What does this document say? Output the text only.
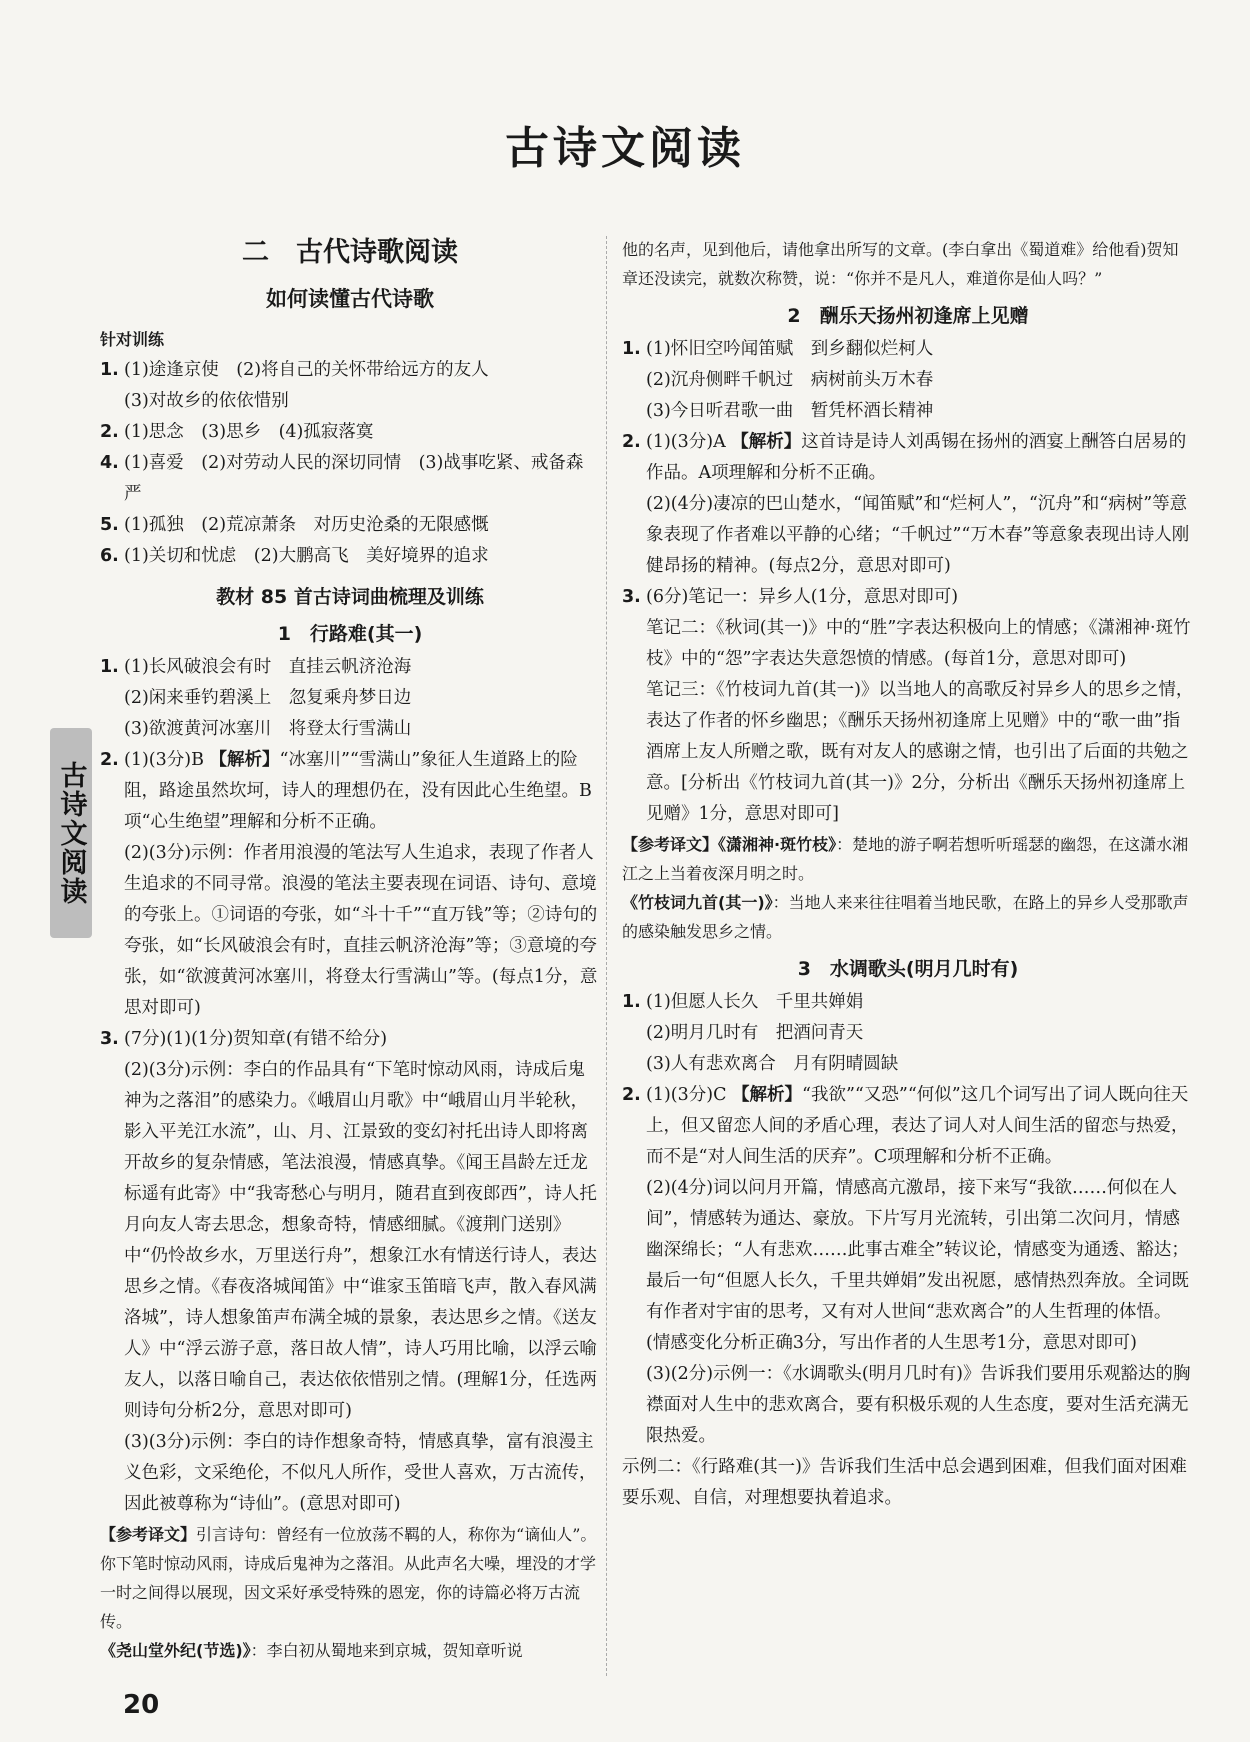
古诗文阅读
古诗文阅读
二　古代诗歌阅读
如何读懂古代诗歌
针对训练
1. (1)途逢京使　(2)将自己的关怀带给远方的友人
(3)对故乡的依依惜别
2. (1)思念　(3)思乡　(4)孤寂落寞
4. (1)喜爱　(2)对劳动人民的深切同情　(3)战事吃紧、戒备森严
5. (1)孤独　(2)荒凉萧条　对历史沧桑的无限感慨
6. (1)关切和忧虑　(2)大鹏高飞　美好境界的追求
教材 85 首古诗词曲梳理及训练
1　行路难(其一)
1. (1)长风破浪会有时　直挂云帆济沧海
(2)闲来垂钓碧溪上　忽复乘舟梦日边
(3)欲渡黄河冰塞川　将登太行雪满山
2. (1)(3分)B 【解析】“冰塞川”“雪满山”象征人生道路上的险阻，路途虽然坎坷，诗人的理想仍在，没有因此心生绝望。B项“心生绝望”理解和分析不正确。

(2)(3分)示例：作者用浪漫的笔法写人生追求，表现了作者人生追求的不同寻常。浪漫的笔法主要表现在词语、诗句、意境的夸张上。①词语的夸张，如“斗十千”“直万钱”等；②诗句的夸张，如“长风破浪会有时，直挂云帆济沧海”等；③意境的夸张，如“欲渡黄河冰塞川，将登太行雪满山”等。(每点1分，意思对即可)

3. (7分)(1)(1分)贺知章(有错不给分)

(2)(3分)示例：李白的作品具有“下笔时惊动风雨，诗成后鬼神为之落泪”的感染力。《峨眉山月歌》中“峨眉山月半轮秋，影入平羌江水流”，山、月、江景致的变幻衬托出诗人即将离开故乡的复杂情感，笔法浪漫，情感真挚。《闻王昌龄左迁龙标遥有此寄》中“我寄愁心与明月，随君直到夜郎西”，诗人托月向友人寄去思念，想象奇特，情感细腻。《渡荆门送别》中“仍怜故乡水，万里送行舟”，想象江水有情送行诗人，表达思乡之情。《春夜洛城闻笛》中“谁家玉笛暗飞声，散入春风满洛城”，诗人想象笛声布满全城的景象，表达思乡之情。《送友人》中“浮云游子意，落日故人情”，诗人巧用比喻，以浮云喻友人，以落日喻自己，表达依依惜别之情。(理解1分，任选两则诗句分析2分，意思对即可)

(3)(3分)示例：李白的诗作想象奇特，情感真挚，富有浪漫主义色彩，文采绝伦，不似凡人所作，受世人喜欢，万古流传，因此被尊称为“诗仙”。(意思对即可)

【参考译文】引言诗句：曾经有一位放荡不羁的人，称你为“谪仙人”。你下笔时惊动风雨，诗成后鬼神为之落泪。从此声名大噪，埋没的才学一时之间得以展现，因文采好承受特殊的恩宠，你的诗篇必将万古流传。

《尧山堂外纪(节选)》：李白初从蜀地来到京城，贺知章听说

他的名声，见到他后，请他拿出所写的文章。(李白拿出《蜀道难》给他看)贺知章还没读完，就数次称赞，说：“你并不是凡人，难道你是仙人吗？”

2　酬乐天扬州初逢席上见赠
1. (1)怀旧空吟闻笛赋　到乡翻似烂柯人
(2)沉舟侧畔千帆过　病树前头万木春
(3)今日听君歌一曲　暂凭杯酒长精神
2. (1)(3分)A 【解析】这首诗是诗人刘禹锡在扬州的酒宴上酬答白居易的作品。A项理解和分析不正确。

(2)(4分)凄凉的巴山楚水，“闻笛赋”和“烂柯人”，“沉舟”和“病树”等意象表现了作者难以平静的心绪；“千帆过”“万木春”等意象表现出诗人刚健昂扬的精神。(每点2分，意思对即可)

3. (6分)笔记一：异乡人(1分，意思对即可)

笔记二：《秋词(其一)》中的“胜”字表达积极向上的情感；《潇湘神·斑竹枝》中的“怨”字表达失意怨愤的情感。(每首1分，意思对即可)

笔记三：《竹枝词九首(其一)》以当地人的高歌反衬异乡人的思乡之情，表达了作者的怀乡幽思；《酬乐天扬州初逢席上见赠》中的“歌一曲”指酒席上友人所赠之歌，既有对友人的感谢之情，也引出了后面的共勉之意。[分析出《竹枝词九首(其一)》2分，分析出《酬乐天扬州初逢席上见赠》1分，意思对即可]

【参考译文】《潇湘神·斑竹枝》：楚地的游子啊若想听听瑶瑟的幽怨，在这潇水湘江之上当着夜深月明之时。

《竹枝词九首(其一)》：当地人来来往往唱着当地民歌，在路上的异乡人受那歌声的感染触发思乡之情。

3　水调歌头(明月几时有)
1. (1)但愿人长久　千里共婵娟
(2)明月几时有　把酒问青天
(3)人有悲欢离合　月有阴晴圆缺
2. (1)(3分)C 【解析】“我欲”“又恐”“何似”这几个词写出了词人既向往天上，但又留恋人间的矛盾心理，表达了词人对人间生活的留恋与热爱，而不是“对人间生活的厌弃”。C项理解和分析不正确。

(2)(4分)词以问月开篇，情感高亢激昂，接下来写“我欲……何似在人间”，情感转为通达、豪放。下片写月光流转，引出第二次问月，情感幽深绵长；“人有悲欢……此事古难全”转议论，情感变为通透、豁达；最后一句“但愿人长久，千里共婵娟”发出祝愿，感情热烈奔放。全词既有作者对宇宙的思考，又有对人世间“悲欢离合”的人生哲理的体悟。(情感变化分析正确3分，写出作者的人生思考1分，意思对即可)

(3)(2分)示例一：《水调歌头(明月几时有)》告诉我们要用乐观豁达的胸襟面对人生中的悲欢离合，要有积极乐观的人生态度，要对生活充满无限热爱。

示例二：《行路难(其一)》告诉我们生活中总会遇到困难，但我们面对困难要乐观、自信，对理想要执着追求。

20
